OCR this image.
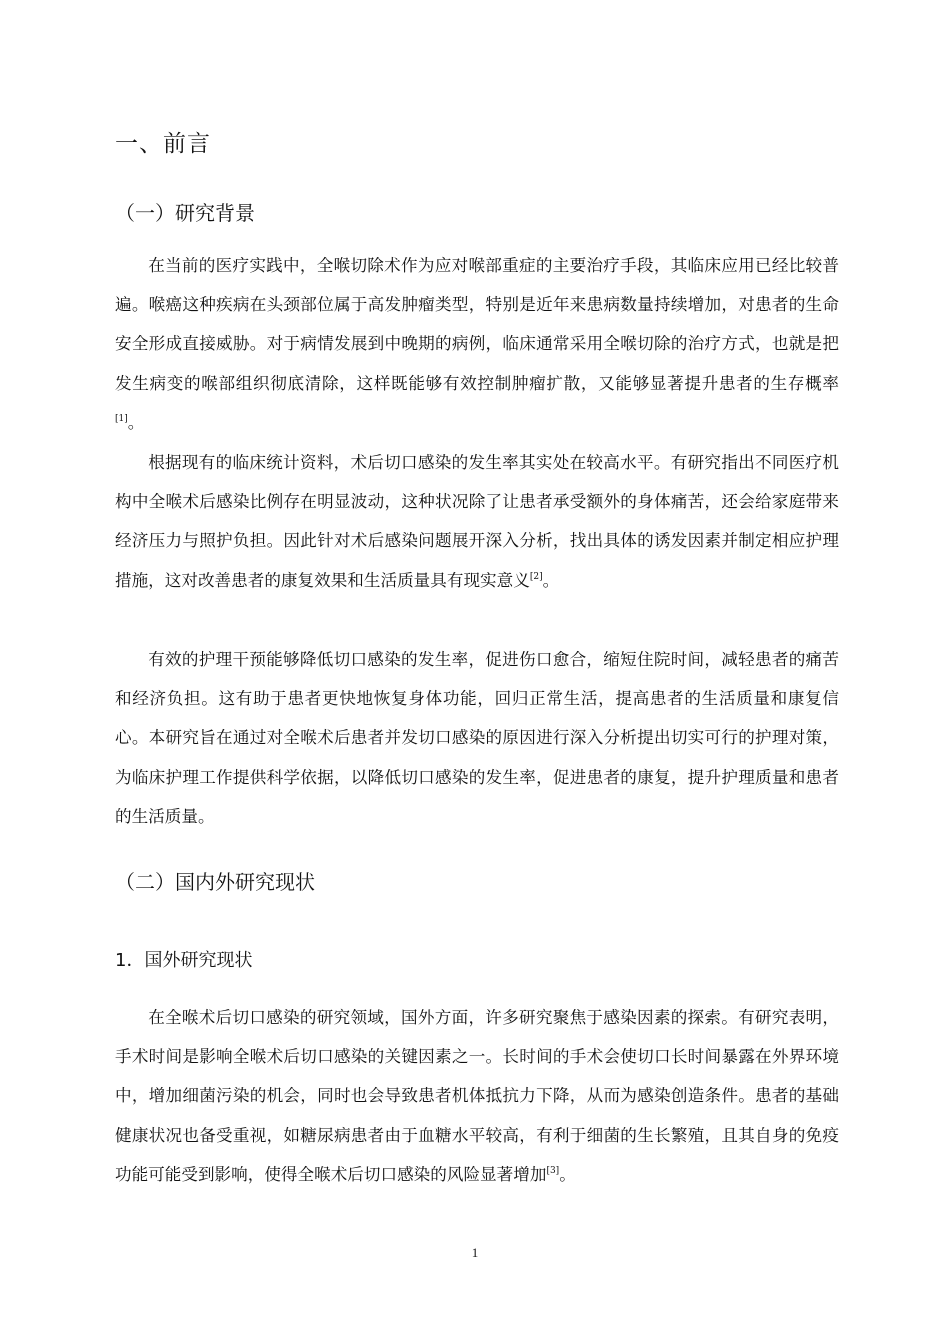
一、前言
（一）研究背景

在当前的医疗实践中，全喉切除术作为应对喉部重症的主要治疗手段，其临床应用已经比较普遍。喉癌这种疾病在头颈部位属于高发肿瘤类型，特别是近年来患病数量持续增加，对患者的生命安全形成直接威胁。对于病情发展到中晚期的病例，临床通常采用全喉切除的治疗方式，也就是把发生病变的喉部组织彻底清除，这样既能够有效控制肿瘤扩散，又能够显著提升患者的生存概率[1]。

根据现有的临床统计资料，术后切口感染的发生率其实处在较高水平。有研究指出不同医疗机构中全喉术后感染比例存在明显波动，这种状况除了让患者承受额外的身体痛苦，还会给家庭带来经济压力与照护负担。因此针对术后感染问题展开深入分析，找出具体的诱发因素并制定相应护理措施，这对改善患者的康复效果和生活质量具有现实意义[2]。

有效的护理干预能够降低切口感染的发生率，促进伤口愈合，缩短住院时间，减轻患者的痛苦和经济负担。这有助于患者更快地恢复身体功能，回归正常生活，提高患者的生活质量和康复信心。本研究旨在通过对全喉术后患者并发切口感染的原因进行深入分析提出切实可行的护理对策，为临床护理工作提供科学依据，以降低切口感染的发生率，促进患者的康复，提升护理质量和患者的生活质量。

（二）国内外研究现状
1．国外研究现状

在全喉术后切口感染的研究领域，国外方面，许多研究聚焦于感染因素的探索。有研究表明，手术时间是影响全喉术后切口感染的关键因素之一。长时间的手术会使切口长时间暴露在外界环境中，增加细菌污染的机会，同时也会导致患者机体抵抗力下降，从而为感染创造条件。患者的基础健康状况也备受重视，如糖尿病患者由于血糖水平较高，有利于细菌的生长繁殖，且其自身的免疫功能可能受到影响，使得全喉术后切口感染的风险显著增加[3]。

1
